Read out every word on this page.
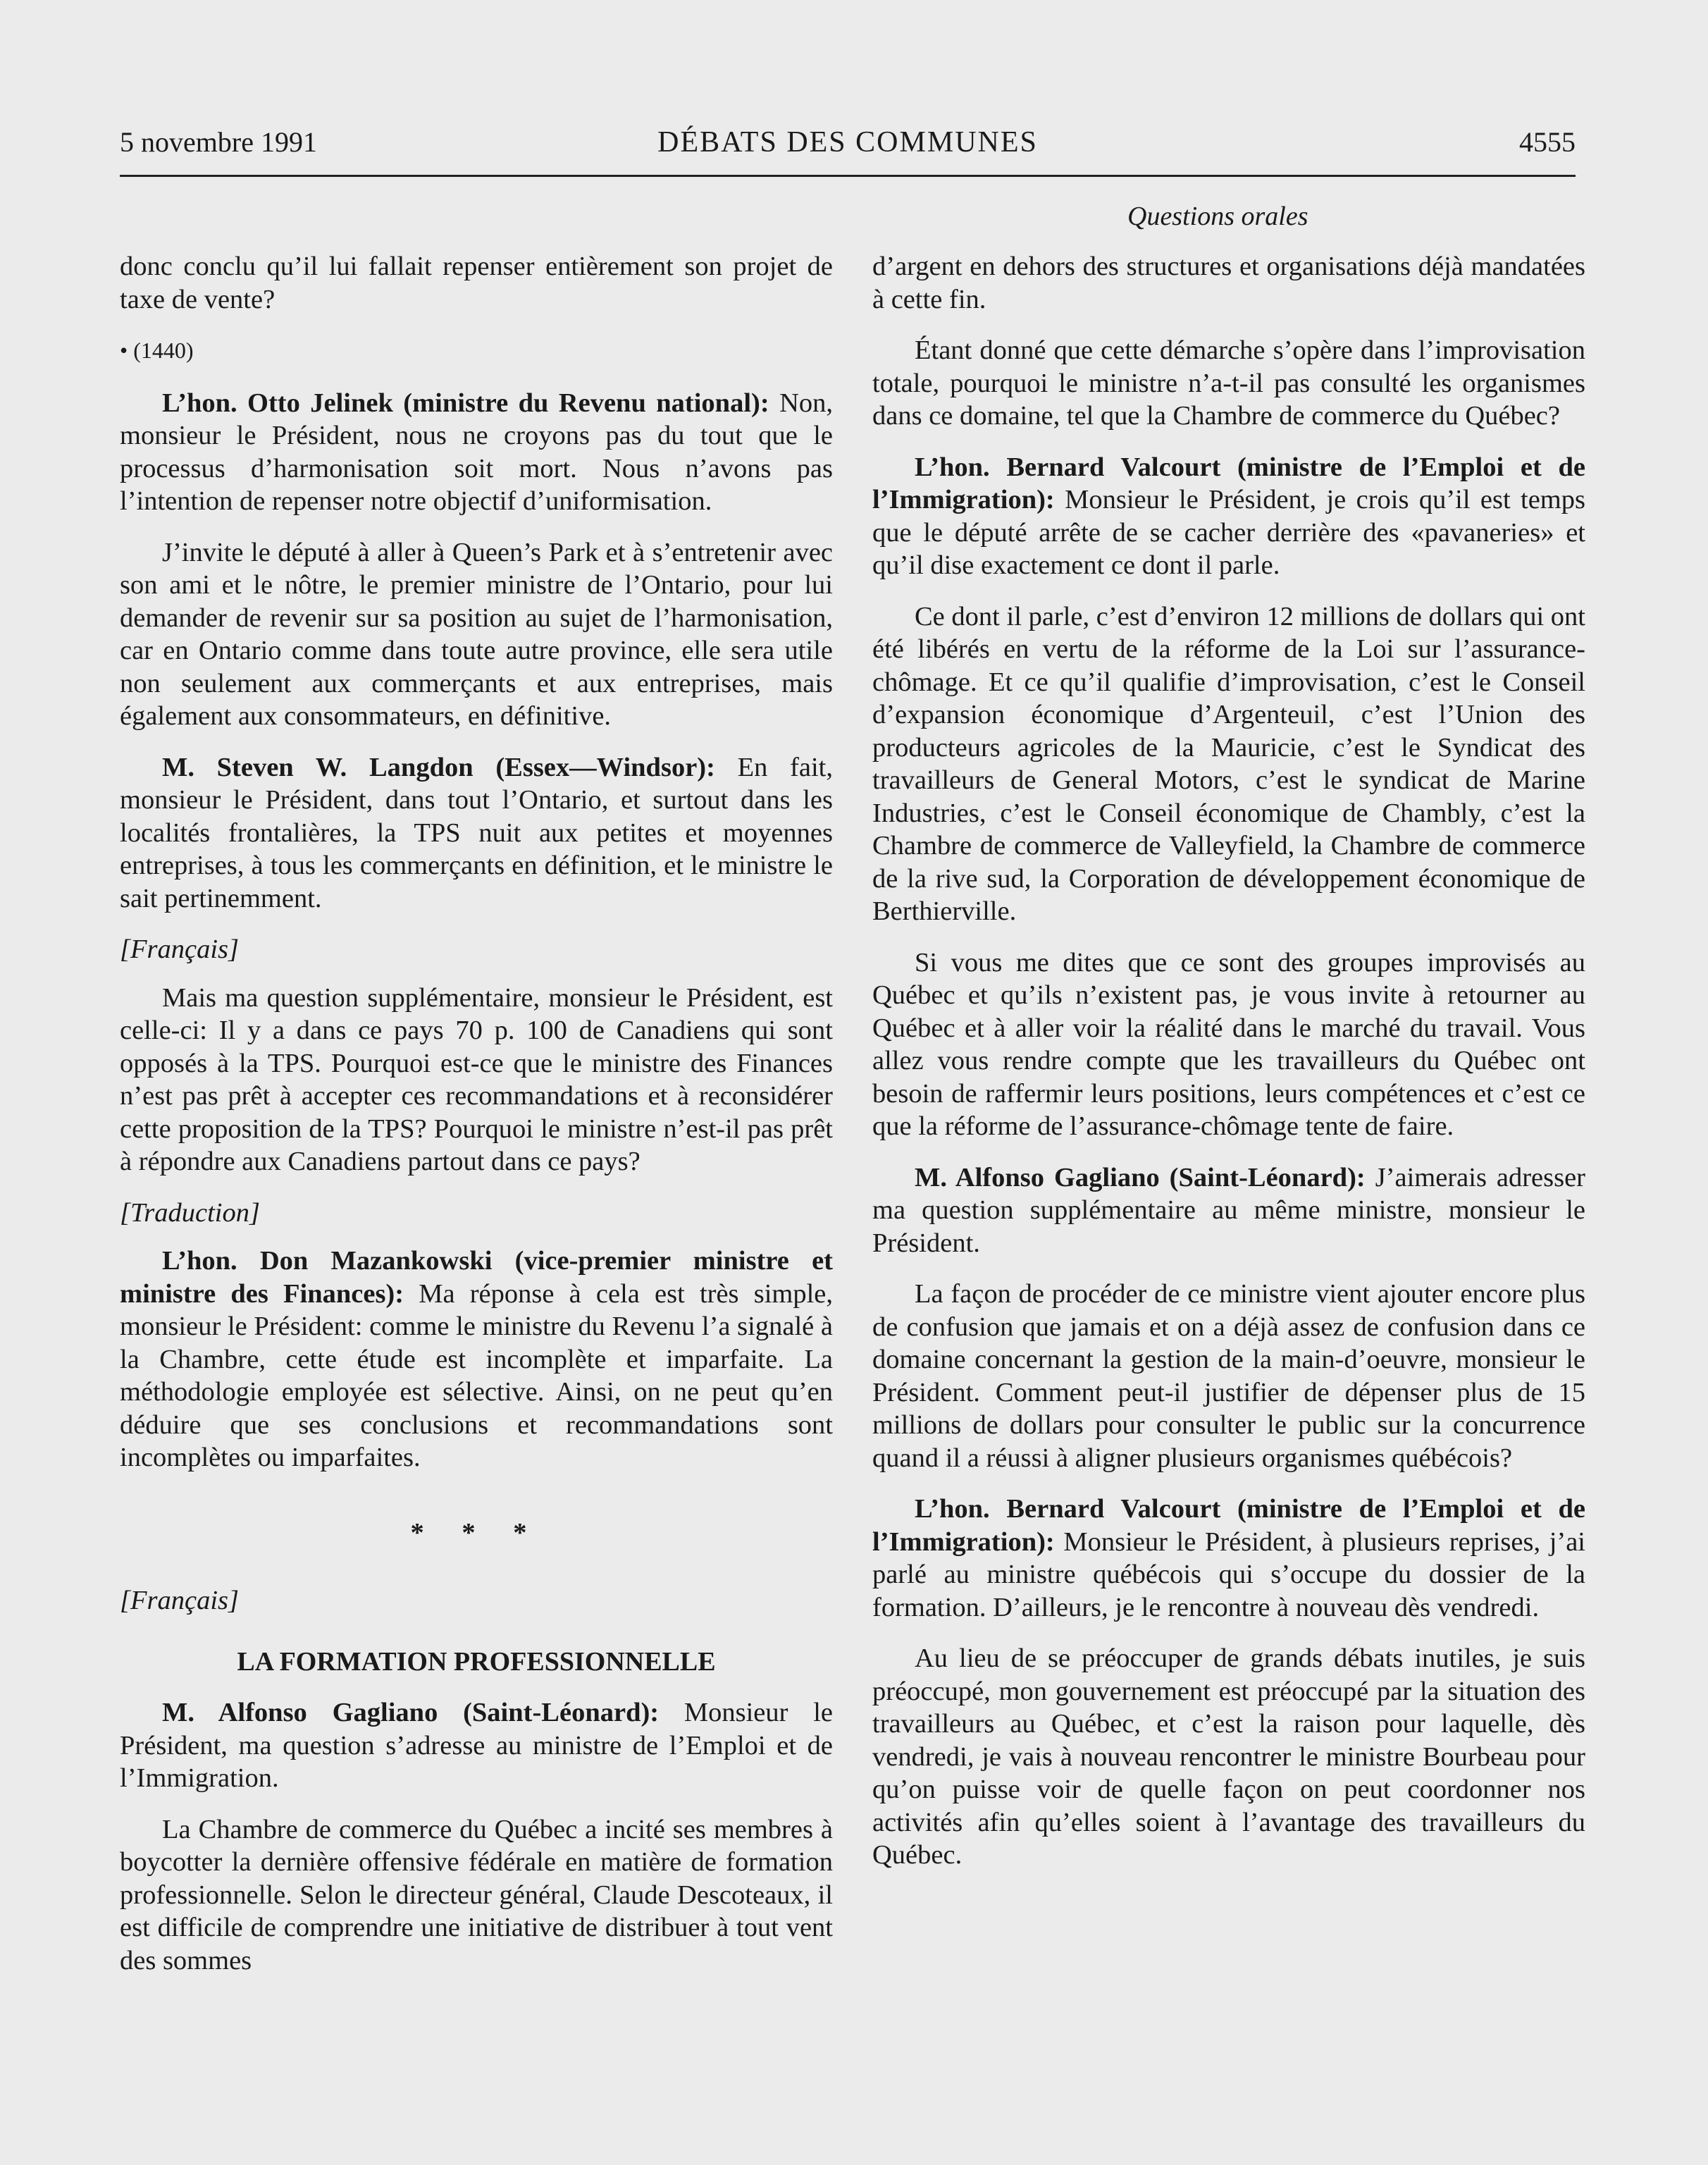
5 novembre 1991	DÉBATS DES COMMUNES	4555
Questions orales

donc conclu qu’il lui fallait repenser entièrement son projet de taxe de vente?

• (1440)

L’hon. Otto Jelinek (ministre du Revenu national): Non, monsieur le Président, nous ne croyons pas du tout que le processus d’harmonisation soit mort. Nous n’avons pas l’intention de repenser notre objectif d’uniformisation.

J’invite le député à aller à Queen’s Park et à s’entretenir avec son ami et le nôtre, le premier ministre de l’Ontario, pour lui demander de revenir sur sa position au sujet de l’harmonisation, car en Ontario comme dans toute autre province, elle sera utile non seulement aux commerçants et aux entreprises, mais également aux consommateurs, en définitive.

M. Steven W. Langdon (Essex—Windsor): En fait, monsieur le Président, dans tout l’Ontario, et surtout dans les localités frontalières, la TPS nuit aux petites et moyennes entreprises, à tous les commerçants en définition, et le ministre le sait pertinemment.

[Français]

Mais ma question supplémentaire, monsieur le Président, est celle-ci: Il y a dans ce pays 70 p. 100 de Canadiens qui sont opposés à la TPS. Pourquoi est-ce que le ministre des Finances n’est pas prêt à accepter ces recommandations et à reconsidérer cette proposition de la TPS? Pourquoi le ministre n’est-il pas prêt à répondre aux Canadiens partout dans ce pays?

[Traduction]

L’hon. Don Mazankowski (vice-premier ministre et ministre des Finances): Ma réponse à cela est très simple, monsieur le Président: comme le ministre du Revenu l’a signalé à la Chambre, cette étude est incomplète et imparfaite. La méthodologie employée est sélective. Ainsi, on ne peut qu’en déduire que ses conclusions et recommandations sont incomplètes ou imparfaites.

* * *

[Français]

LA FORMATION PROFESSIONNELLE

M. Alfonso Gagliano (Saint-Léonard): Monsieur le Président, ma question s’adresse au ministre de l’Emploi et de l’Immigration.

La Chambre de commerce du Québec a incité ses membres à boycotter la dernière offensive fédérale en matière de formation professionnelle. Selon le directeur général, Claude Descoteaux, il est difficile de comprendre une initiative de distribuer à tout vent des sommes

d’argent en dehors des structures et organisations déjà mandatées à cette fin.

Étant donné que cette démarche s’opère dans l’improvisation totale, pourquoi le ministre n’a-t-il pas consulté les organismes dans ce domaine, tel que la Chambre de commerce du Québec?

L’hon. Bernard Valcourt (ministre de l’Emploi et de l’Immigration): Monsieur le Président, je crois qu’il est temps que le député arrête de se cacher derrière des «pavaneries» et qu’il dise exactement ce dont il parle.

Ce dont il parle, c’est d’environ 12 millions de dollars qui ont été libérés en vertu de la réforme de la Loi sur l’assurance-chômage. Et ce qu’il qualifie d’improvisation, c’est le Conseil d’expansion économique d’Argenteuil, c’est l’Union des producteurs agricoles de la Mauricie, c’est le Syndicat des travailleurs de General Motors, c’est le syndicat de Marine Industries, c’est le Conseil économique de Chambly, c’est la Chambre de commerce de Valleyfield, la Chambre de commerce de la rive sud, la Corporation de développement économique de Berthierville.

Si vous me dites que ce sont des groupes improvisés au Québec et qu’ils n’existent pas, je vous invite à retourner au Québec et à aller voir la réalité dans le marché du travail. Vous allez vous rendre compte que les travailleurs du Québec ont besoin de raffermir leurs positions, leurs compétences et c’est ce que la réforme de l’assurance-chômage tente de faire.

M. Alfonso Gagliano (Saint-Léonard): J’aimerais adresser ma question supplémentaire au même ministre, monsieur le Président.

La façon de procéder de ce ministre vient ajouter encore plus de confusion que jamais et on a déjà assez de confusion dans ce domaine concernant la gestion de la main-d’oeuvre, monsieur le Président. Comment peut-il justifier de dépenser plus de 15 millions de dollars pour consulter le public sur la concurrence quand il a réussi à aligner plusieurs organismes québécois?

L’hon. Bernard Valcourt (ministre de l’Emploi et de l’Immigration): Monsieur le Président, à plusieurs reprises, j’ai parlé au ministre québécois qui s’occupe du dossier de la formation. D’ailleurs, je le rencontre à nouveau dès vendredi.

Au lieu de se préoccuper de grands débats inutiles, je suis préoccupé, mon gouvernement est préoccupé par la situation des travailleurs au Québec, et c’est la raison pour laquelle, dès vendredi, je vais à nouveau rencontrer le ministre Bourbeau pour qu’on puisse voir de quelle façon on peut coordonner nos activités afin qu’elles soient à l’avantage des travailleurs du Québec.
